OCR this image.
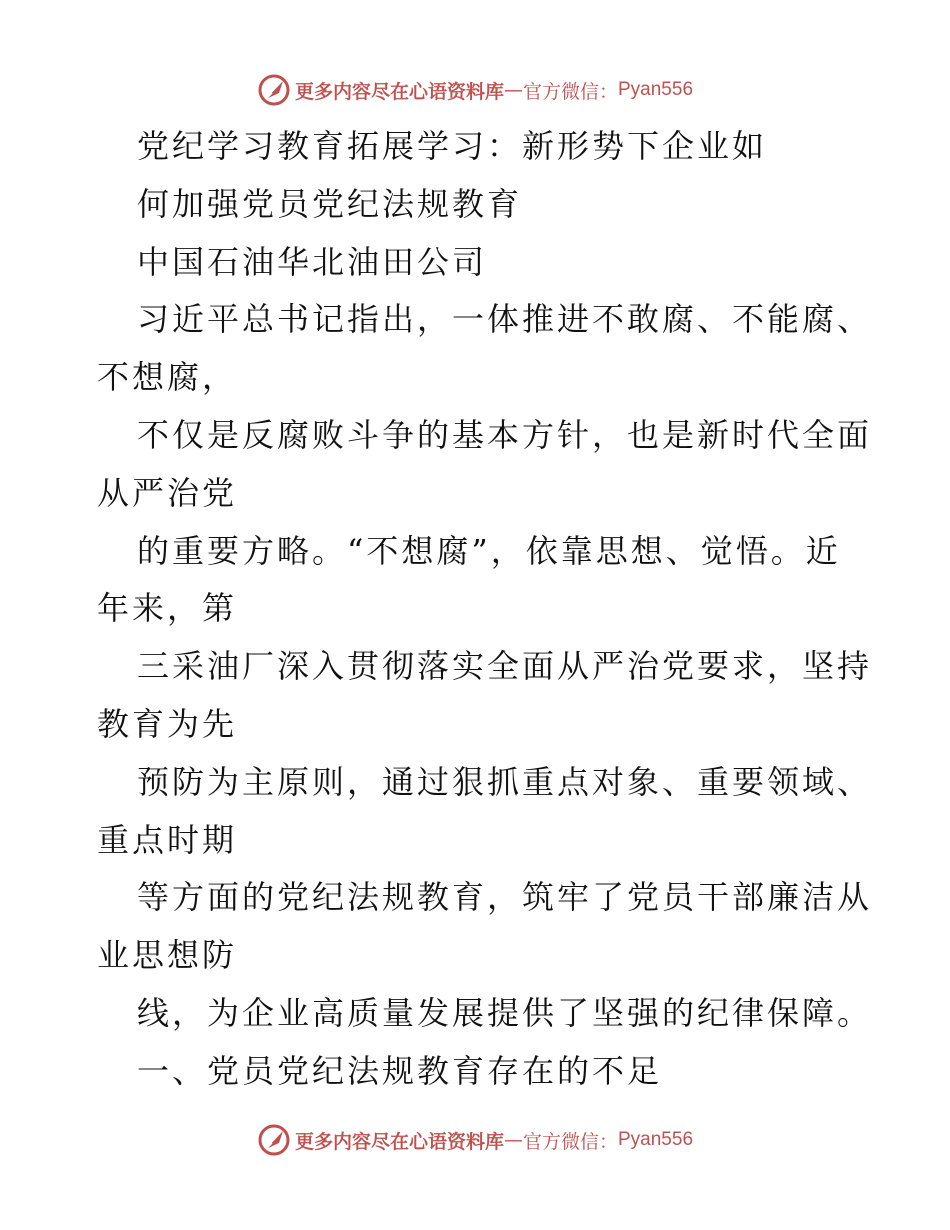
更多内容尽在心语资料库 — 官方微信： Pyan556
党纪学习教育拓展学习：新形势下企业如
何加强党员党纪法规教育
中国石油华北油田公司
习近平总书记指出，一体推进不敢腐、不能腐、
不想腐，
不仅是反腐败斗争的基本方针，也是新时代全面
从严治党
的重要方略。“不想腐”，依靠思想、觉悟。近
年来，第
三采油厂深入贯彻落实全面从严治党要求，坚持
教育为先
预防为主原则，通过狠抓重点对象、重要领域、
重点时期
等方面的党纪法规教育，筑牢了党员干部廉洁从
业思想防
线，为企业高质量发展提供了坚强的纪律保障。
一、党员党纪法规教育存在的不足
更多内容尽在心语资料库 — 官方微信： Pyan556
